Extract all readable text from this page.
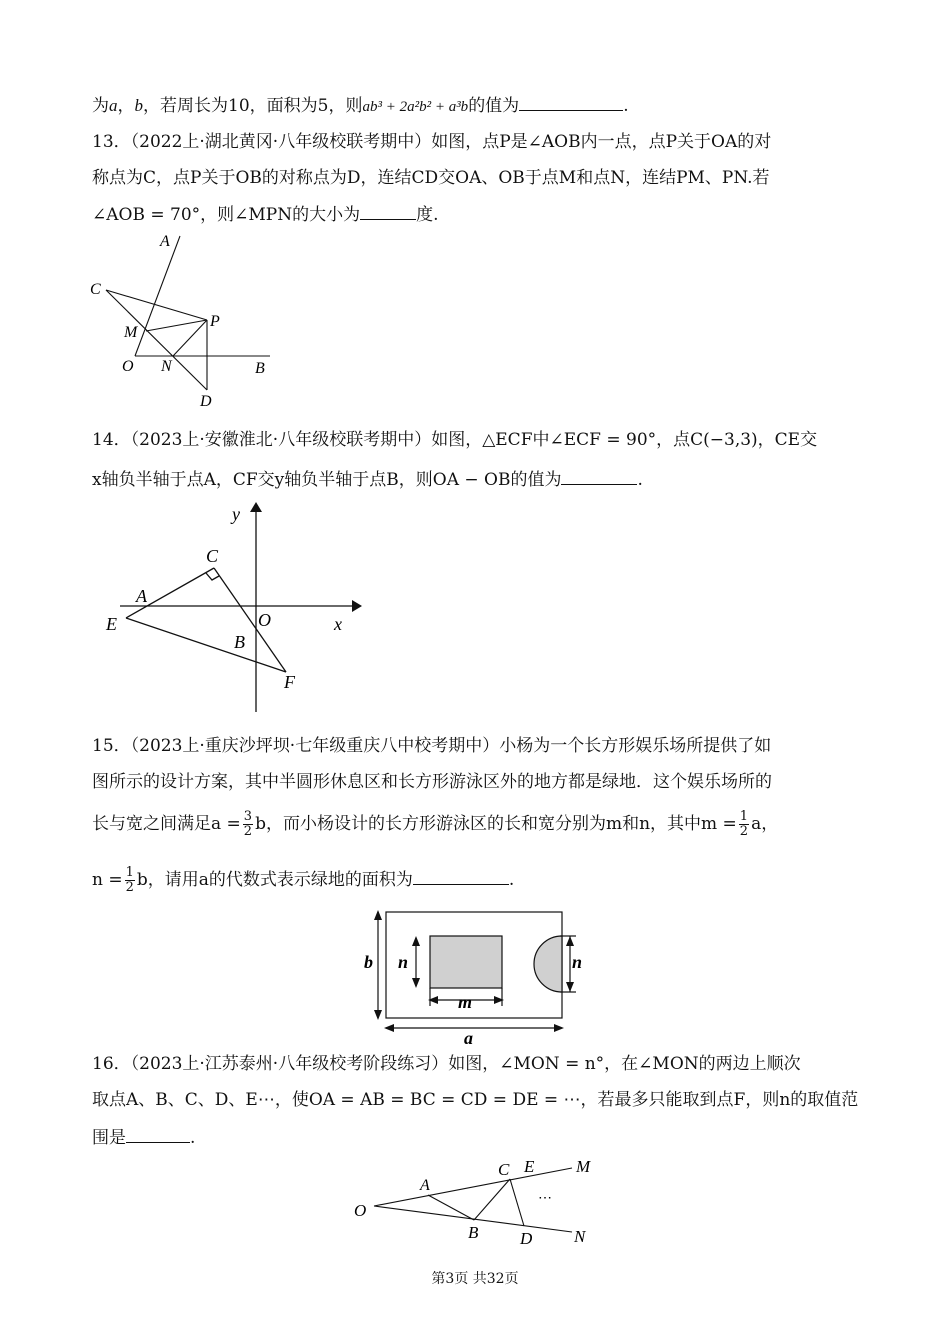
为a，b，若周长为10，面积为5，则ab³ + 2a²b² + a³b的值为	.
13．（2022上·湖北黄冈·八年级校联考期中）如图，点P是∠AOB内一点，点P关于OA的对
称点为C，点P关于OB的对称点为D，连结CD交OA、OB于点M和点N，连结PM、PN.若
∠AOB = 70°，则∠MPN的大小为	度.
A
C
P
M
O N	B
D
14．（2023上·安徽淮北·八年级校联考期中）如图，△ECF中∠ECF = 90°，点C(−3,3)，CE交
x轴负半轴于点A，CF交y轴负半轴于点B，则OA − OB的值为	.
y
x
C
A
E	O
B
F
15．（2023上·重庆沙坪坝·七年级重庆八中校考期中）小杨为一个长方形娱乐场所提供了如
图所示的设计方案，其中半圆形休息区和长方形游泳区外的地方都是绿地．这个娱乐场所的
长与宽之间满足$a = \frac{3}{2}$ b，而小杨设计的长方形游泳区的长和宽分别为m和n，其中$m = \frac{1}{2}$ a，
$n = \frac{1}{2}$ b，请用a的代数式表示绿地的面积为	.
b n	n
m
a
16．（2023上·江苏泰州·八年级校考阶段练习）如图，∠MON = n°，在∠MON的两边上顺次
取点A、B、C、D、E⋯，使OA = AB = BC = CD = DE = ⋯，若最多只能取到点F，则n的取值范
围是	.
O
A
B
C E M
D N
⋯
第3页 共32页
